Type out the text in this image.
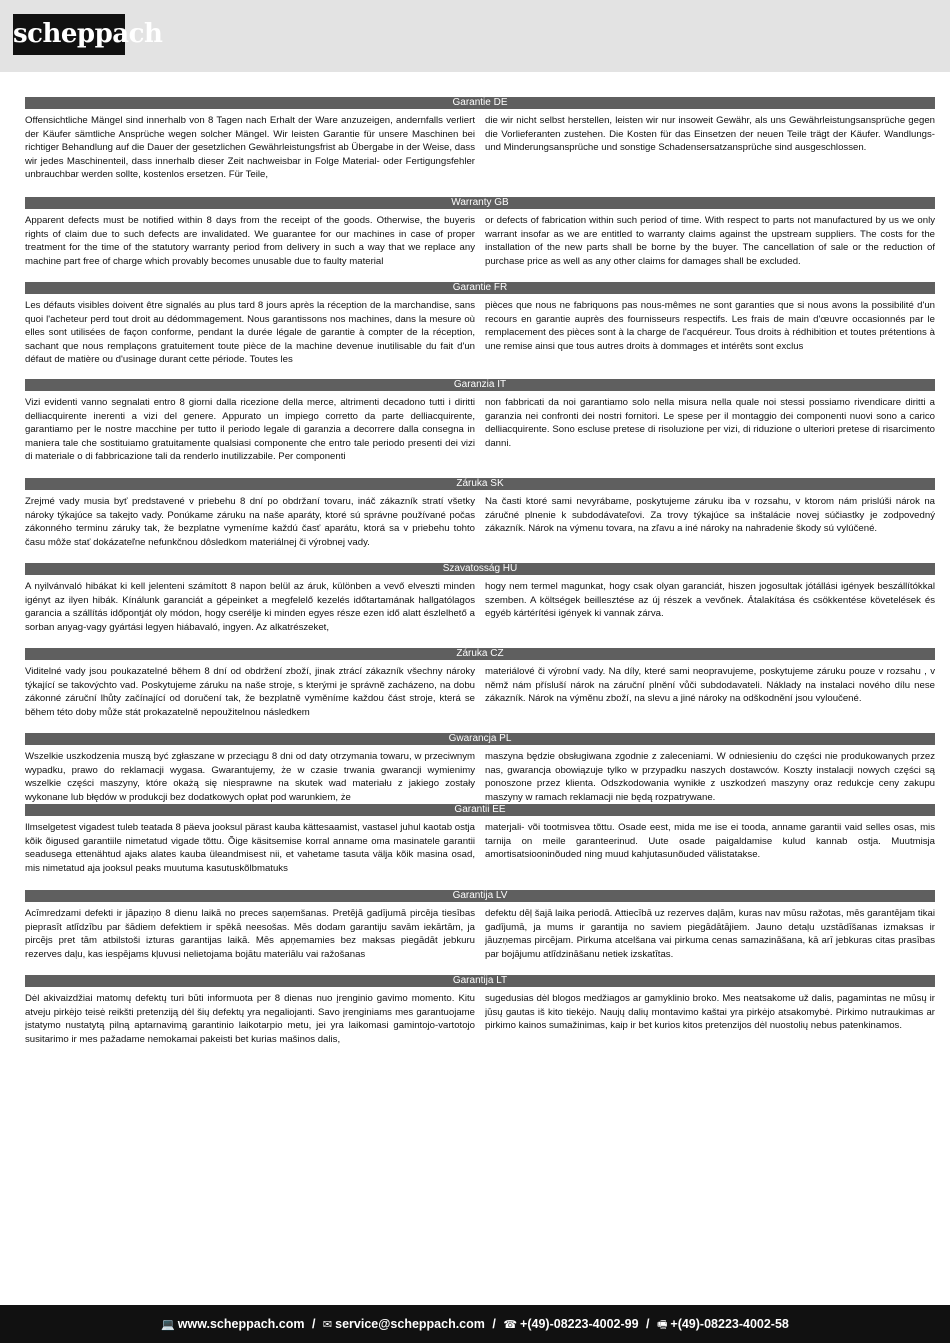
scheppach
Garantie DE
Offensichtliche Mängel sind innerhalb von 8 Tagen nach Erhalt der Ware anzuzeigen, andernfalls verliert der Käufer sämtliche Ansprüche wegen solcher Mängel. Wir leisten Garantie für unsere Maschinen bei richtiger Behandlung auf die Dauer der gesetzlichen Gewährleistungsfrist ab Übergabe in der Weise, dass wir jedes Maschinenteil, dass innerhalb dieser Zeit nachweisbar in Folge Material- oder Fertigungsfehler unbrauchbar werden sollte, kostenlos ersetzen. Für Teile,
die wir nicht selbst herstellen, leisten wir nur insoweit Gewähr, als uns Gewährleistungsansprüche gegen die Vorlieferanten zustehen. Die Kosten für das Einsetzen der neuen Teile trägt der Käufer. Wandlungs- und Minderungsansprüche und sonstige Schadensersatzansprüche sind ausgeschlossen.
Warranty GB
Apparent defects must be notified within 8 days from the receipt of the goods. Otherwise, the buyeris rights of claim due to such defects are invalidated. We guarantee for our machines in case of proper treatment for the time of the statutory warranty period from delivery in such a way that we replace any machine part free of charge which provably becomes unusable due to faulty material
or defects of fabrication within such period of time. With respect to parts not manufactured by us we only warrant insofar as we are entitled to warranty claims against the upstream suppliers. The costs for the installation of the new parts shall be borne by the buyer. The cancellation of sale or the reduction of purchase price as well as any other claims for damages shall be excluded.
Garantie FR
Les défauts visibles doivent être signalés au plus tard 8 jours après la réception de la marchandise, sans quoi l'acheteur perd tout droit au dédommagement. Nous garantissons nos machines, dans la mesure où elles sont utilisées de façon conforme, pendant la durée légale de garantie à compter de la réception, sachant que nous remplaçons gratuitement toute pièce de la machine devenue inutilisable du fait d'un défaut de matière ou d'usinage durant cette période. Toutes les
pièces que nous ne fabriquons pas nous-mêmes ne sont garanties que si nous avons la possibilité d'un recours en garantie auprès des fournisseurs respectifs. Les frais de main d'œuvre occasionnés par le remplacement des pièces sont à la charge de l'acquéreur. Tous droits à rédhibition et toutes prétentions à une remise ainsi que tous autres droits à dommages et intérêts sont exclus
Garanzia IT
Vizi evidenti vanno segnalati entro 8 giorni dalla ricezione della merce, altrimenti decadono tutti i diritti delliacquirente inerenti a vizi del genere. Appurato un impiego corretto da parte delliacquirente, garantiamo per le nostre macchine per tutto il periodo legale di garanzia a decorrere dalla consegna in maniera tale che sostituiamo gratuitamente qualsiasi componente che entro tale periodo presenti dei vizi di materiale o di fabbricazione tali da renderlo inutilizzabile. Per componenti
non fabbricati da noi garantiamo solo nella misura nella quale noi stessi possiamo rivendicare diritti a garanzia nei confronti dei nostri fornitori. Le spese per il montaggio dei componenti nuovi sono a carico delliacquirente. Sono escluse pretese di risoluzione per vizi, di riduzione o ulteriori pretese di risarcimento danni.
Záruka SK
Zrejmé vady musia byť predstavené v priebehu 8 dní po obdržaní tovaru, ináč zákazník stratí všetky nároky týkajúce sa takejto vady. Ponúkame záruku na naše aparáty, ktoré sú správne používané počas zákonného terminu záruky tak, že bezplatne vymeníme každú časť aparátu, ktorá sa v priebehu tohto času môže stať dokázateľne nefunkčnou dôsledkom materiálnej či výrobnej vady.
Na časti ktoré sami nevyrábame, poskytujeme záruku iba v rozsahu, v ktorom nám prislúši nárok na záručné plnenie k subdodávateľovi. Za trovy týkajúce sa inštalácie novej súčiastky je zodpovedný zákazník. Nárok na výmenu tovara, na zľavu a iné nároky na nahradenie škody sú vylúčené.
Szavatosság HU
A nyilvánvaló hibákat ki kell jelenteni számított 8 napon belül az áruk, különben a vevő elveszti minden igényt az ilyen hibák. Kínálunk garanciát a gépeinket a megfelelő kezelés időtartamának hallgatólagos garancia a szállítás időpontját oly módon, hogy cserélje ki minden egyes része ezen idő alatt észlelhető a sorban anyag-vagy gyártási legyen hiábavaló, ingyen. Az alkatrészeket,
hogy nem termel magunkat, hogy csak olyan garanciát, hiszen jogosultak jótállási igények beszállítókkal szemben. A költségek beillesztése az új részek a vevőnek. Átalakítása és csökkentése követelések és egyéb kártérítési igények ki vannak zárva.
Záruka CZ
Viditelné vady jsou poukazatelné během 8 dní od obdržení zboží, jinak ztrácí zákazník všechny nároky týkající se takovýchto vad. Poskytujeme záruku na naše stroje, s kterými je správně zacházeno, na dobu zákonné záruční lhůty začínající od doručení tak, že bezplatně vyměníme každou část stroje, která se během této doby může stát prokazatelně nepoužitelnou následkem
materiálové či výrobní vady. Na díly, které sami neopravujeme, poskytujeme záruku pouze v rozsahu , v němž nám přísluší nárok na záruční plnění vůči subdodavateli. Náklady na instalaci nového dílu nese zákazník. Nárok na výměnu zboží, na slevu a jiné nároky na odškodnění jsou vyloučené.
Gwarancja PL
Wszelkie uszkodzenia muszą być zgłaszane w przeciągu 8 dni od daty otrzymania towaru, w przeciwnym wypadku, prawo do reklamacji wygasa. Gwarantujemy, że w czasie trwania gwarancji wymienimy wszelkie części maszyny, które okażą się niesprawne na skutek wad materiału z jakiego zostały wykonane lub błędów w produkcji bez dodatkowych opłat pod warunkiem, że
maszyna będzie obsługiwana zgodnie z zaleceniami. W odniesieniu do części nie produkowanych przez nas, gwarancja obowiązuje tylko w przypadku naszych dostawców. Koszty instalacji nowych części są ponoszone przez klienta. Odszkodowania wynikłe z uszkodzeń maszyny oraz redukcje ceny zakupu maszyny w ramach reklamacji nie będą rozpatrywane.
Garantii EE
Ilmselgetest vigadest tuleb teatada 8 päeva jooksul pärast kauba kättesaamist, vastasel juhul kaotab ostja kõik õigused garantiile nimetatud vigade tõttu. Õige käsitsemise korral anname oma masinatele garantii seadusega ettenähtud ajaks alates kauba üleandmisest nii, et vahetame tasuta välja kõik masina osad, mis nimetatud aja jooksul peaks muutuma kasutuskõlbmatuks
materjali- või tootmisvea tõttu. Osade eest, mida me ise ei tooda, anname garantii vaid selles osas, mis tarnija on meile garanteerinud. Uute osade paigaldamise kulud kannab ostja. Muutmisja amortisatsiooninõuded ning muud kahjutasunõuded välistatakse.
Garantija LV
Acīmredzami defekti ir jāpaziņo 8 dienu laikā no preces saņemšanas. Pretējā gadījumā pircēja tiesības pieprasīt atlīdzību par šādiem defektiem ir spēkā neesošas. Mēs dodam garantiju savām iekārtām, ja pircējs pret tām atbilstoši izturas garantijas laikā. Mēs apņemamies bez maksas piegādāt jebkuru rezerves daļu, kas iespējams kļuvusi nelietojama bojātu materiālu vai ražošanas
defektu dēļ šajā laika periodā. Attiecībā uz rezerves daļām, kuras nav mūsu ražotas, mēs garantējam tikai gadījumā, ja mums ir garantija no saviem piegādātājiem. Jauno detaļu uzstādīšanas izmaksas ir jāuzņemas pircējam. Pirkuma atcelšana vai pirkuma cenas samazināšana, kā arī jebkuras citas prasības par bojājumu atlīdzināšanu netiek izskatītas.
Garantija LT
Dėl akivaizdžiai matomų defektų turi būti informuota per 8 dienas nuo įrenginio gavimo momento. Kitu atveju pirkėjo teisė reikšti pretenziją dėl šių defektų yra negaliojanti. Savo įrenginiams mes garantuojame įstatymo nustatytą pilną aptarnavimą garantinio laikotarpio metu, jei yra laikomasi gamintojo-vartotojo susitarimo ir mes pažadame nemokamai pakeisti bet kurias mašinos dalis,
sugedusias dėl blogos medžiagos ar gamyklinio broko. Mes neatsakome už dalis, pagamintas ne mūsų ir jūsų gautas iš kito tiekėjo. Naujų dalių montavimo kaštai yra pirkėjo atsakomybė. Pirkimo nutraukimas ar pirkimo kainos sumažinimas, kaip ir bet kurios kitos pretenzijos dėl nuostolių nebus patenkinamos.
💻 www.scheppach.com / ✉ service@scheppach.com / ☎ +(49)-08223-4002-99 / 🖷 +(49)-08223-4002-58
